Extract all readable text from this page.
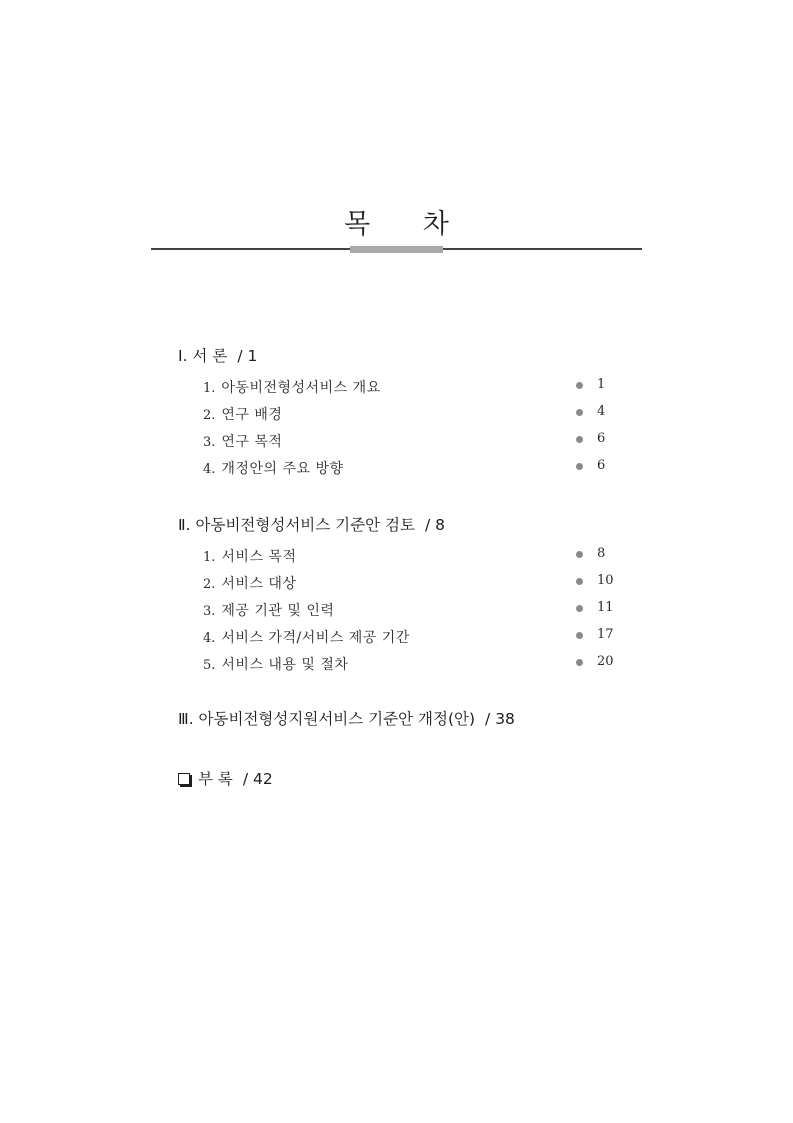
목 차
Ⅰ. 서 론 / 1
1. 아동비전형성서비스 개요	1
2. 연구 배경	4
3. 연구 목적	6
4. 개정안의 주요 방향	6
Ⅱ. 아동비전형성서비스 기준안 검토 / 8
1. 서비스 목적	8
2. 서비스 대상	10
3. 제공 기관 및 인력	11
4. 서비스 가격/서비스 제공 기간	17
5. 서비스 내용 및 절차	20
Ⅲ. 아동비전형성지원서비스 기준안 개정(안) / 38
부 록 / 42
